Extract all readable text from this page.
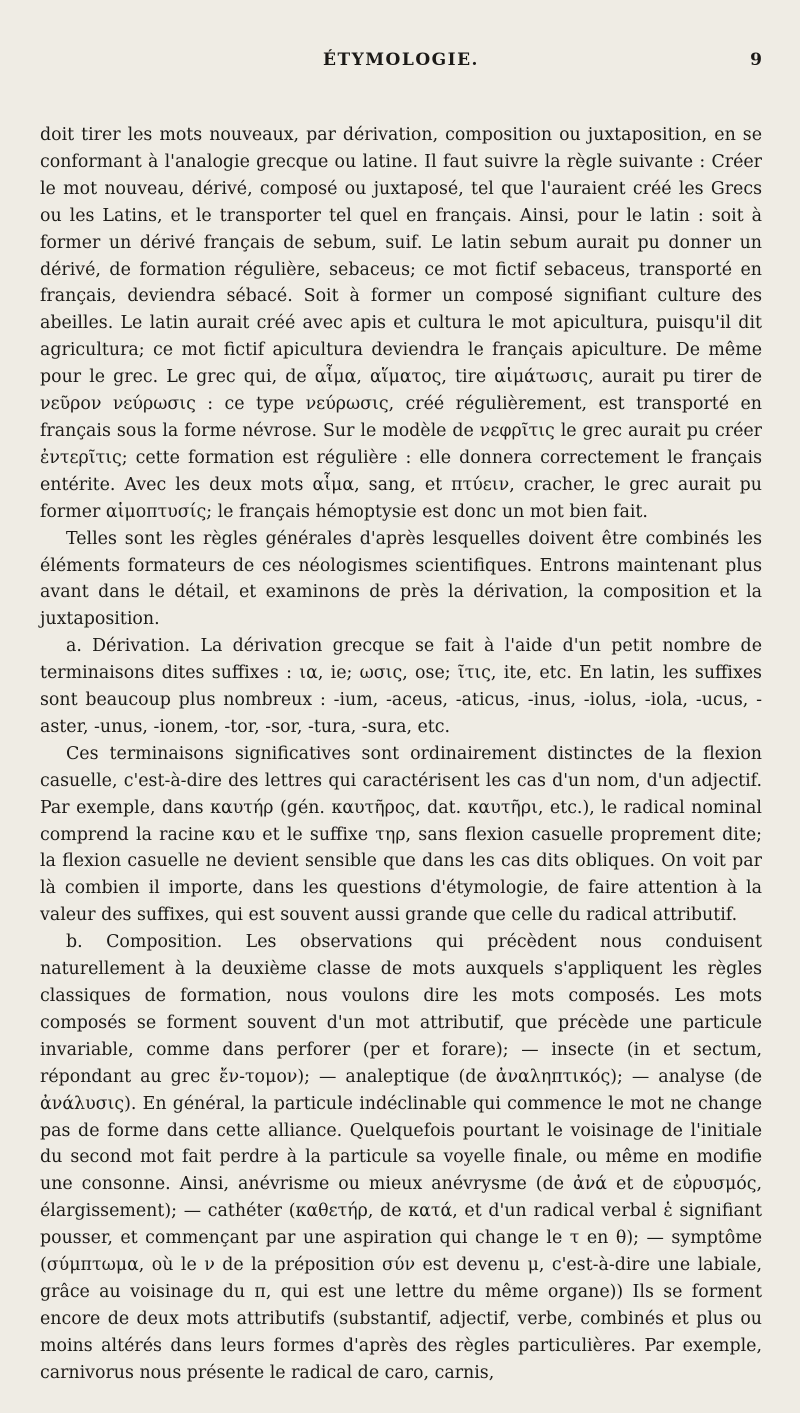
ÉTYMOLOGIE.	9

doit tirer les mots nouveaux, par dérivation, composition ou juxtaposition, en se conformant à l'analogie grecque ou latine. Il faut suivre la règle suivante : Créer le mot nouveau, dérivé, composé ou juxtaposé, tel que l'auraient créé les Grecs ou les Latins, et le transporter tel quel en français. Ainsi, pour le latin : soit à former un dérivé français de sebum, suif. Le latin sebum aurait pu donner un dérivé, de formation régulière, sebaceus; ce mot fictif sebaceus, transporté en français, deviendra sébacé. Soit à former un composé signifiant culture des abeilles. Le latin aurait créé avec apis et cultura le mot apicultura, puisqu'il dit agricultura; ce mot fictif apicultura deviendra le français apiculture. De même pour le grec. Le grec qui, de αἷμα, αἵματος, tire αἱμάτωσις, aurait pu tirer de νεῦρον νεύρωσις : ce type νεύρωσις, créé régulièrement, est transporté en français sous la forme névrose. Sur le modèle de νεφρῖτις le grec aurait pu créer ἐντερῖτις; cette formation est régulière : elle donnera correctement le français entérite. Avec les deux mots αἷμα, sang, et πτύειν, cracher, le grec aurait pu former αἱμοπτυσίς; le français hémoptysie est donc un mot bien fait.

Telles sont les règles générales d'après lesquelles doivent être combinés les éléments formateurs de ces néologismes scientifiques. Entrons maintenant plus avant dans le détail, et examinons de près la dérivation, la composition et la juxtaposition.

a. Dérivation. La dérivation grecque se fait à l'aide d'un petit nombre de terminaisons dites suffixes : ια, ie; ωσις, ose; ῖτις, ite, etc. En latin, les suffixes sont beaucoup plus nombreux : -ium, -aceus, -aticus, -inus, -iolus, -iola, -ucus, -aster, -unus, -ionem, -tor, -sor, -tura, -sura, etc.

Ces terminaisons significatives sont ordinairement distinctes de la flexion casuelle, c'est-à-dire des lettres qui caractérisent les cas d'un nom, d'un adjectif. Par exemple, dans καυτήρ (gén. καυτῆρος, dat. καυτῆρι, etc.), le radical nominal comprend la racine καυ et le suffixe τηρ, sans flexion casuelle proprement dite; la flexion casuelle ne devient sensible que dans les cas dits obliques. On voit par là combien il importe, dans les questions d'étymologie, de faire attention à la valeur des suffixes, qui est souvent aussi grande que celle du radical attributif.

b. Composition. Les observations qui précèdent nous conduisent naturellement à la deuxième classe de mots auxquels s'appliquent les règles classiques de formation, nous voulons dire les mots composés. Les mots composés se forment souvent d'un mot attributif, que précède une particule invariable, comme dans perforer (per et forare); — insecte (in et sectum, répondant au grec ἔν-τομον); — analeptique (de ἀναληπτικός); — analyse (de ἀνάλυσις). En général, la particule indéclinable qui commence le mot ne change pas de forme dans cette alliance. Quelquefois pourtant le voisinage de l'initiale du second mot fait perdre à la particule sa voyelle finale, ou même en modifie une consonne. Ainsi, anévrisme ou mieux anévrysme (de ἀνά et de εὐρυσμός, élargissement); — cathéter (καθετήρ, de κατά, et d'un radical verbal ἑ signifiant pousser, et commençant par une aspiration qui change le τ en θ); — symptôme (σύμπτωμα, où le ν de la préposition σύν est devenu μ, c'est-à-dire une labiale, grâce au voisinage du π, qui est une lettre du même organe)) Ils se forment encore de deux mots attributifs (substantif, adjectif, verbe, combinés et plus ou moins altérés dans leurs formes d'après des règles particulières. Par exemple, carnivorus nous présente le radical de caro, carnis,
